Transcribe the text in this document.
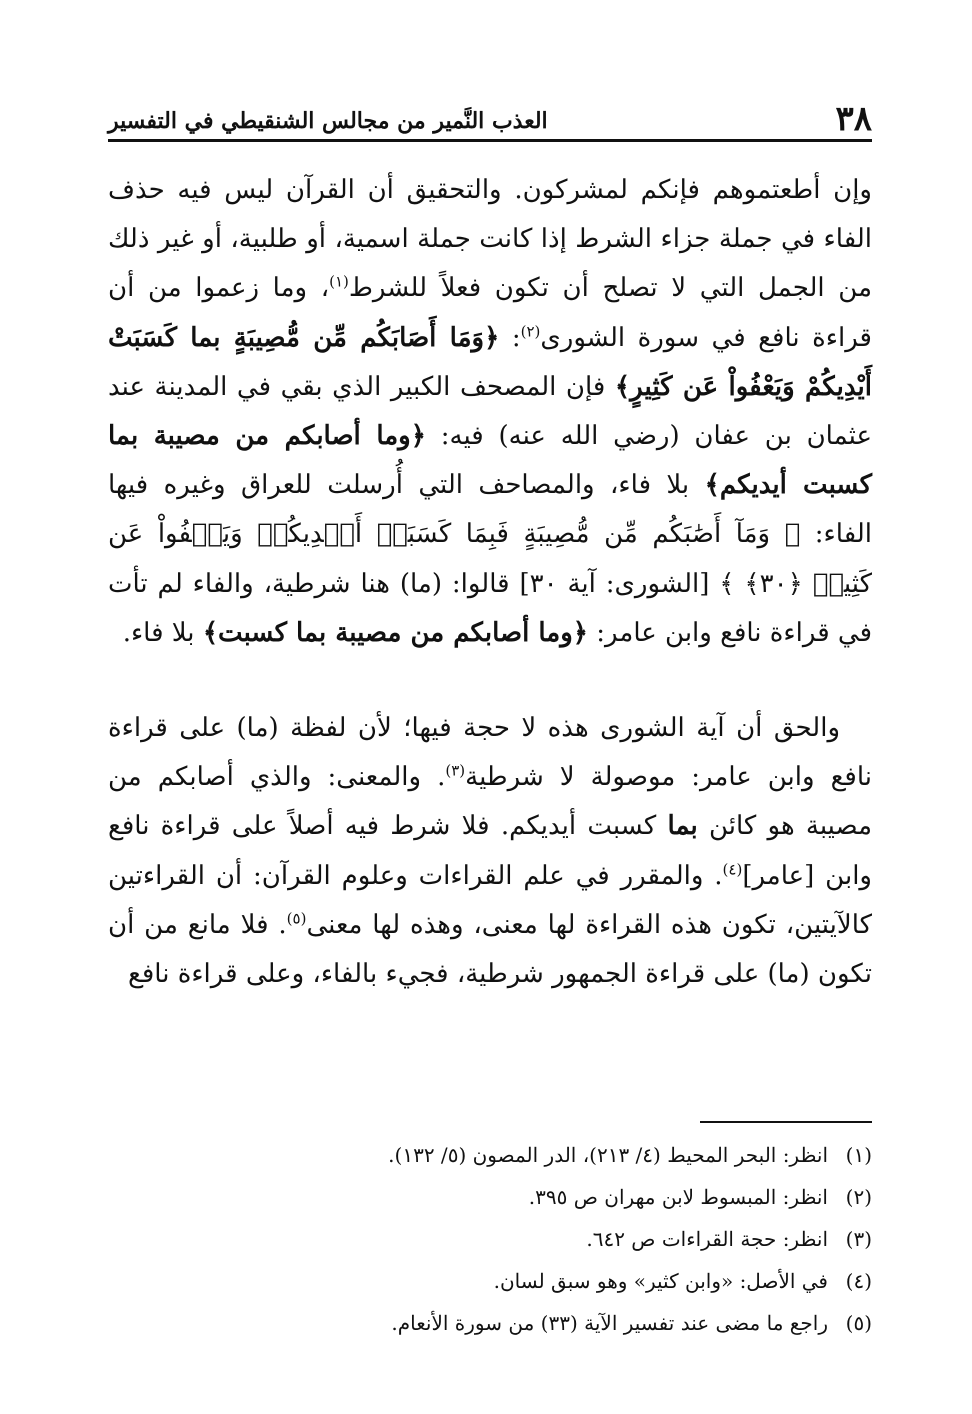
٣٨
العذب النَّمير من مجالس الشنقيطي في التفسير

وإن أطعتموهم فإنكم لمشركون. والتحقيق أن القرآن ليس فيه حذف الفاء في جملة جزاء الشرط إذا كانت جملة اسمية، أو طلبية، أو غير ذلك من الجمل التي لا تصلح أن تكون فعلاً للشرط$^{(١)}$، وما زعموا من أن قراءة نافع في سورة الشورى$^{(٢)}$: ﴿وَمَا أَصَابَكُم مِّن مُّصِيبَةٍ بما كَسَبَتْ أَيْدِيكُمْ وَيَعْفُواْ عَن كَثِيرٍ﴾ فإن المصحف الكبير الذي بقي في المدينة عند عثمان بن عفان (رضي الله عنه) فيه: ﴿وما أصابكم من مصيبة بما كسبت أيديكم﴾ بلا فاء، والمصاحف التي أُرسلت للعراق وغيره فيها الفاء: ﴿ وَمَآ أَصَٰبَكُم مِّن مُّصِيبَةٍ فَبِمَا كَسَبَتۡ أَيۡدِيكُمۡ وَيَعۡفُواْ عَن كَثِيرٖ ﴿٣٠﴾ ﴾ [الشورى: آية ٣٠] قالوا: (ما) هنا شرطية، والفاء لم تأت في قراءة نافع وابن عامر: ﴿وما أصابكم من مصيبة بما كسبت﴾ بلا فاء.

والحق أن آية الشورى هذه لا حجة فيها؛ لأن لفظة (ما) على قراءة نافع وابن عامر: موصولة لا شرطية$^{(٣)}$. والمعنى: والذي أصابكم من مصيبة هو كائن بما كسبت أيديكم. فلا شرط فيه أصلاً على قراءة نافع وابن [عامر]$^{(٤)}$. والمقرر في علم القراءات وعلوم القرآن: أن القراءتين كالآيتين، تكون هذه القراءة لها معنى، وهذه لها معنى$^{(٥)}$. فلا مانع من أن تكون (ما) على قراءة الجمهور شرطية، فجيء بالفاء، وعلى قراءة نافع

(١)انظر: البحر المحيط (٤/ ٢١٣)، الدر المصون (٥/ ١٣٢).
(٢)انظر: المبسوط لابن مهران ص ٣٩٥.
(٣)انظر: حجة القراءات ص ٦٤٢.
(٤)في الأصل: «وابن كثير» وهو سبق لسان.
(٥)راجع ما مضى عند تفسير الآية (٣٣) من سورة الأنعام.
